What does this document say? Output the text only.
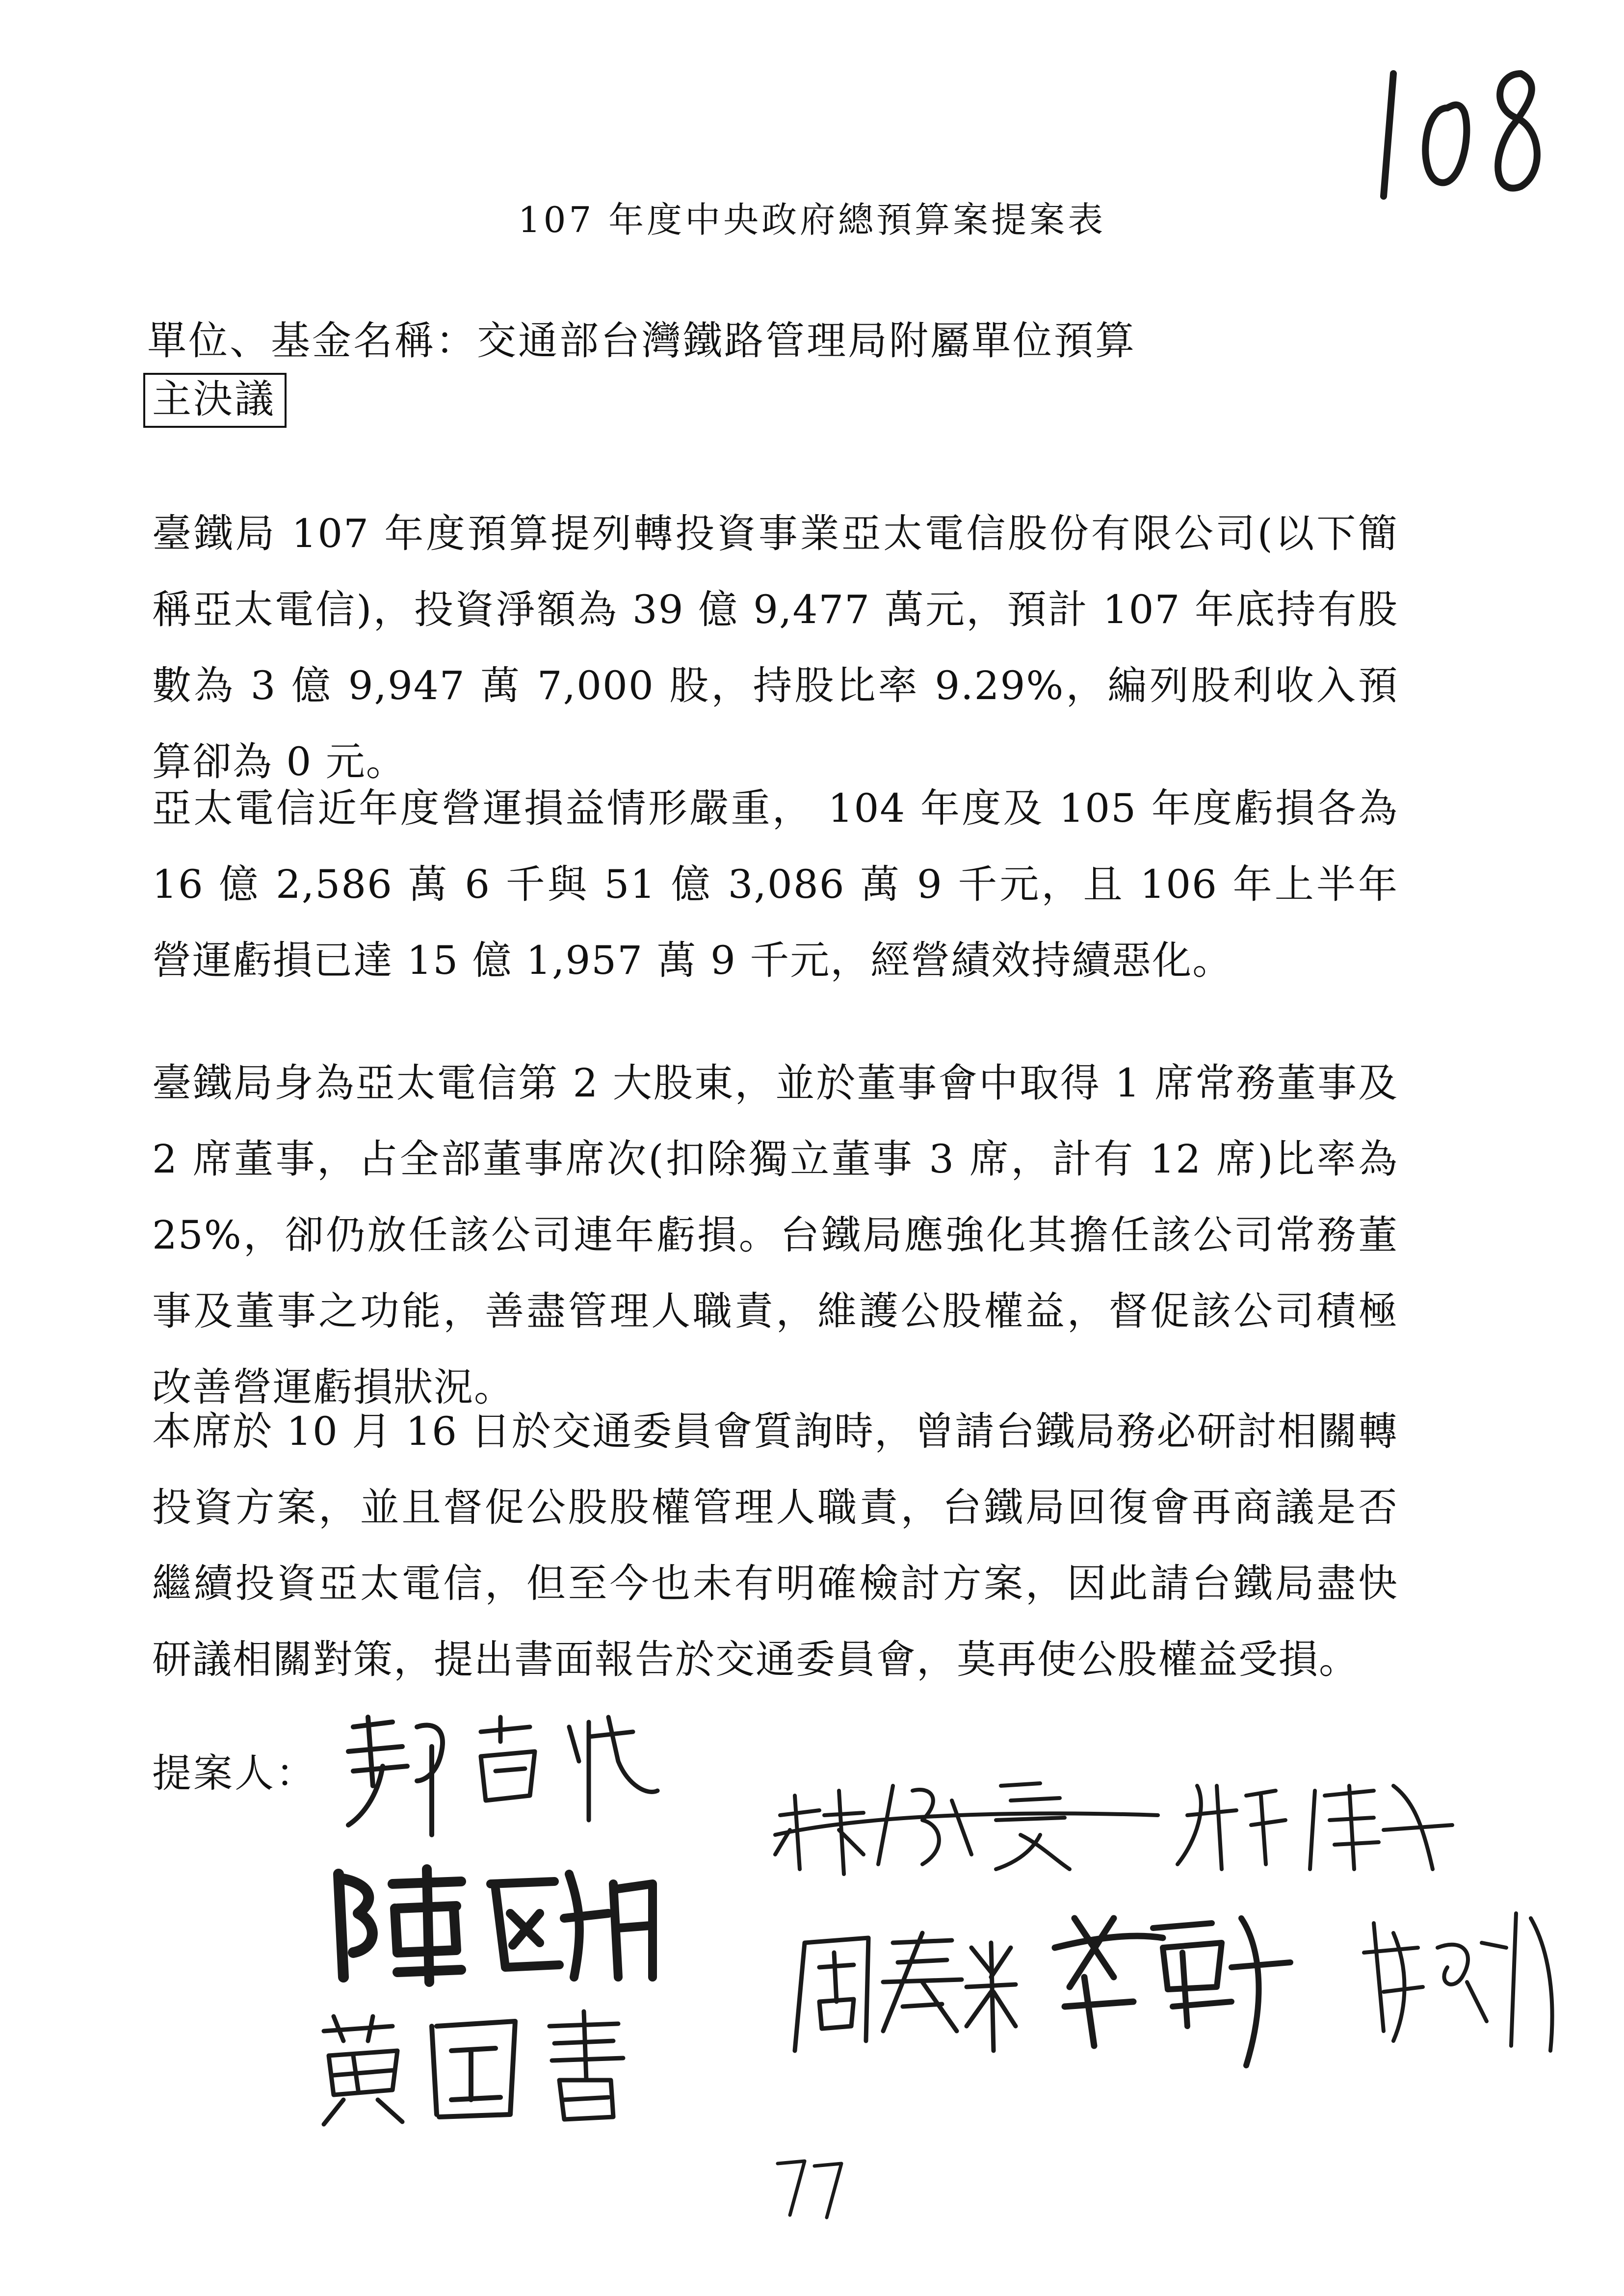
107 年度中央政府總預算案提案表

單位、基金名稱：交通部台灣鐵路管理局附屬單位預算

主決議

臺鐵局 107 年度預算提列轉投資事業亞太電信股份有限公司(以下簡稱亞太電信)，投資淨額為 39 億 9,477 萬元，預計 107 年底持有股數為 3 億 9,947 萬 7,000 股，持股比率 9.29%，編列股利收入預算卻為 0 元。

亞太電信近年度營運損益情形嚴重， 104 年度及 105 年度虧損各為 16 億 2,586 萬 6 千與 51 億 3,086 萬 9 千元，且 106 年上半年營運虧損已達 15 億 1,957 萬 9 千元，經營績效持續惡化。

臺鐵局身為亞太電信第 2 大股東，並於董事會中取得 1 席常務董事及 2 席董事，占全部董事席次(扣除獨立董事 3 席，計有 12 席)比率為 25%，卻仍放任該公司連年虧損。台鐵局應強化其擔任該公司常務董事及董事之功能，善盡管理人職責，維護公股權益，督促該公司積極改善營運虧損狀況。

本席於 10 月 16 日於交通委員會質詢時，曾請台鐵局務必研討相關轉投資方案，並且督促公股股權管理人職責，台鐵局回復會再商議是否繼續投資亞太電信，但至今也未有明確檢討方案，因此請台鐵局盡快研議相關對策，提出書面報告於交通委員會，莫再使公股權益受損。

提案人：
